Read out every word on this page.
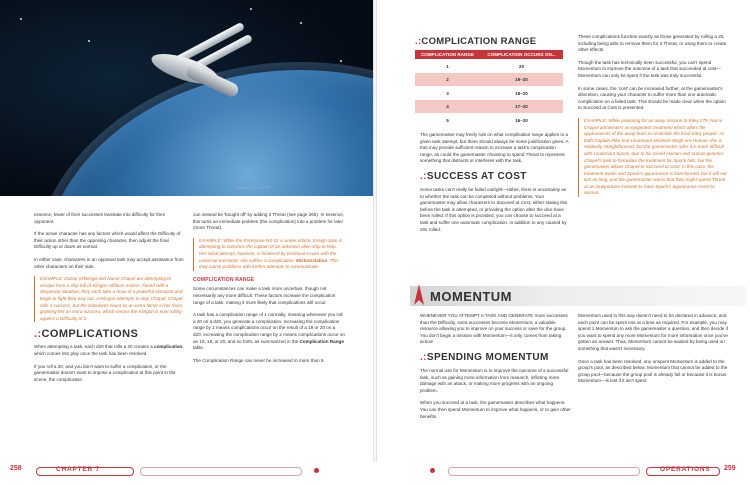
TOBIAS RICHTER

essence, fewer of their successes translate into difficulty for their opponent.

If the active character has any factors which would affect the Difficulty of their action other than the opposing character, then adjust the final Difficulty up or down as normal.

In either case, characters in an opposed task may accept assistance from other characters on their side.

EXAMPLE: Doctor M'Benga and Nurse Chapel are attempting to escape from a ship full of Klingon slithium miners. Faced with a desperate situation, they each take a draw of a powerful stimulant and begin to fight their way out. A Klingon attempts to stop Chapel; Chapel rolls 1 success, but the stimulants count as an extra factor in her favor, granting her an extra success, which means the Klingon is now rolling against a Difficulty of 2.

.:COMPLICATIONS

When attempting a task, each d20 that rolls a 20 creates a complication, which comes into play once the task has been resolved.

If you roll a 20, and you don't want to suffer a complication, or the gamemaster doesn't want to impose a complication at this point in the scene, the complication

can instead be 'bought off' by adding 2 Threat (see page 265). In essence, this turns an immediate problem (the complication) into a problem for later (more Threat).

EXAMPLE: While the Enterprise NX-01 is under attack, Ensign Sato is attempting to convince the captain of an unknown alien ship to help. Her initial attempt, however, is hindered by technical issues with the universal translator; she suffers a complication, Mistranslation. This may cause problems with further attempts to communicate.

COMPLICATION RANGE

Some circumstances can make a task more uncertain, though not necessarily any more difficult. These factors increase the complication range of a task, making it more likely that complications will occur.

A task has a complication range of 1 normally, meaning whenever you roll a 20 on a d20, you generate a complication. Increasing the complication range by 1 means complications occur on the result of a 19 or 20 on a d20. Increasing the complication range by 2 means complications occur on an 18, 19, or 20, and so forth, as summarized in the Complication Range table.

The Complication Range can never be increased to more than 5.

.:COMPLICATION RANGE
COMPLICATION RANGE	COMPLICATION OCCURS ON...
1	20
2	19–20
3	18–20
4	17–20
5	16–20

The gamemaster may freely rule on what complication range applies to a given task attempt, but there should always be some justification given. A trait may provide sufficient reason to increase a task's complication range, as could the gamemaster choosing to spend Threat to represent something that distracts or interferes with the task.

.:SUCCESS AT COST

Some tasks can't really be failed outright—rather, there is uncertainty as to whether the task can be completed without problems. Your gamemaster may allow characters to Succeed at Cost, either stating this before the task is attempted, or providing the option after the dice have been rolled. If this option is provided, you can choose to succeed at a task and suffer one automatic complication, in addition to any caused by 20s rolled.

These complications function exactly as those generated by rolling a 20, including being able to remove them for 2 Threat, or using them to create other effects.

Though the task has technically been successful, you can't spend Momentum to improve the outcome of a task that succeeded at cost—Momentum can only be spent if the task was truly successful.

In some cases, the 'cost' can be increased further, at the gamemaster's discretion, causing your character to suffer more than one automatic complication on a failed task. This should be made clear when the option to Succeed at Cost is presented.

EXAMPLE: While preparing for an away mission to Kiley 279, Nurse Chapel administers an epigenetic treatment which alters the appearances of the away team to resemble the local Kiley people. As both Captain Pike and Lieutenant Noonien-Singh are Human, this is relatively straightforward, but the gamemaster rules it is more difficult with Lieutenant Spock, due to his mixed Human and Vulcan genetics. Chapel's task to formulate the treatment for Spock fails, but the gamemaster allows Chapel to Succeed at Cost: in this case, the treatment works and Spock's appearance is transformed, but it will not last as long, and the gamemaster warns that they might spend Threat at an inopportune moment to have Spock's appearance revert to normal.

MOMENTUM

WHENEVER YOU ATTEMPT A TASK AND GENERATE more successes than the Difficulty, extra successes become Momentum, a valuable resource allowing you to improve on your success or save for the group. You don't begin a mission with Momentum—it only comes from taking action!

.:SPENDING MOMENTUM

The normal use for Momentum is to improve the outcome of a successful task, such as gaining more information from research, inflicting more damage with an attack, or making more progress with an ongoing problem.

When you succeed at a task, the gamemaster describes what happens. You can then spend Momentum to improve what happens, or to gain other benefits.

Momentum used in this way doesn't need to be declared in advance, and each point can be spent one at a time as required. For example, you may spend 1 Momentum to ask the gamemaster a question, and then decide if you want to spend any more Momentum for more information once you've gotten an answer. Thus, Momentum cannot be wasted by being used on something that wasn't necessary.

Once a task has been resolved, any unspent Momentum is added to the group's pool, as described below. Momentum that cannot be added to the group pool—because the group pool is already full or because it is bonus Momentum—is lost if it isn't spent.

258	CHAPTER 7	OPERATIONS 259
